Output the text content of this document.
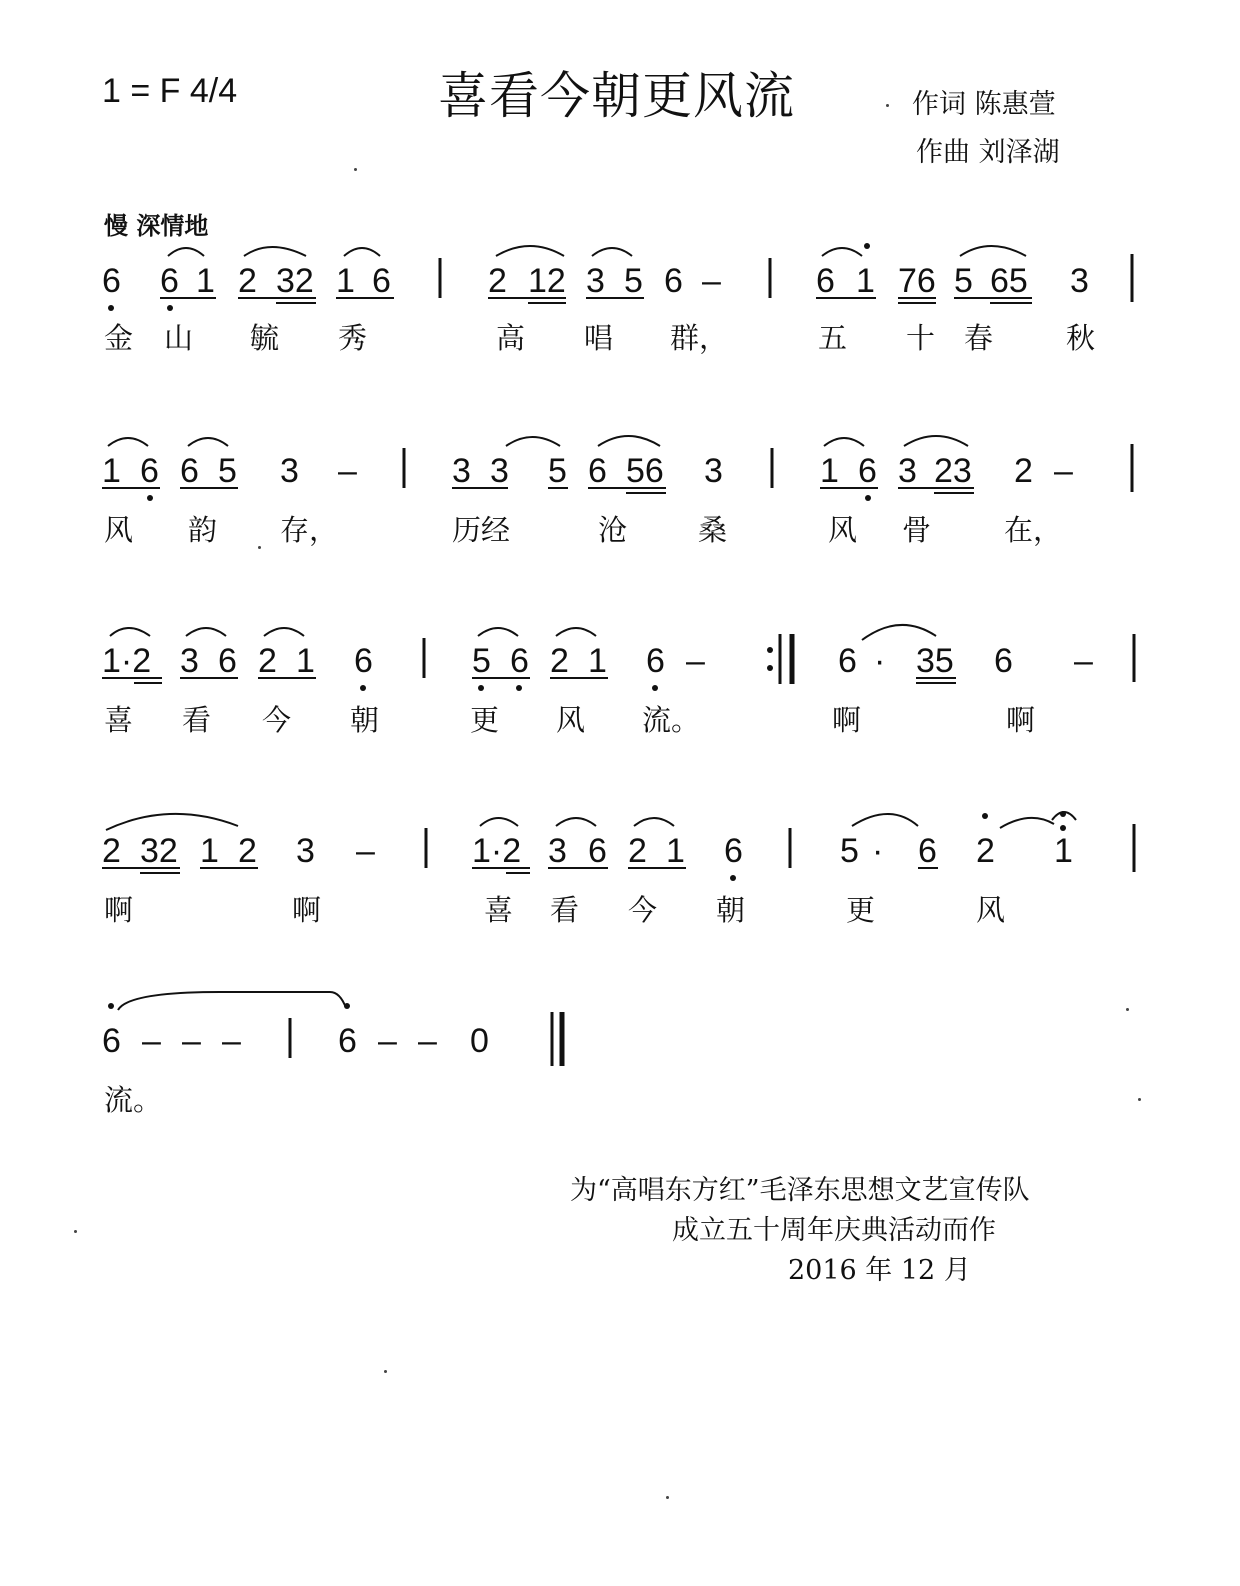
1 = F 4/4	喜看今朝更风流	作词 陈惠萱
作曲 刘泽湖
慢 深情地
6 6 1 2 32 1 6	2 12 3 5 6 –	6 1 76 5 65 3
金 山 毓 秀	高 唱 群，	五 十 春	秋
1 6 6 5 3 –	3 3 5 6 56 3	1 6 3 23 2 –
风 韵 存，	历经	沧 桑	风 骨	在，
1·2 3 6 2 1 6	5 6 2 1 6 –	6 · 35 6 –
喜 看 今 朝	更 风 流。	啊	啊
2 32 1 2 3 –	1·2 3 6 2 1 6	5 · 6 2 1
啊	啊	喜 看 今 朝	更	风
6 – – –	6 – – 0
流。
为“高唱东方红”毛泽东思想文艺宣传队
成立五十周年庆典活动而作
2016 年 12 月
